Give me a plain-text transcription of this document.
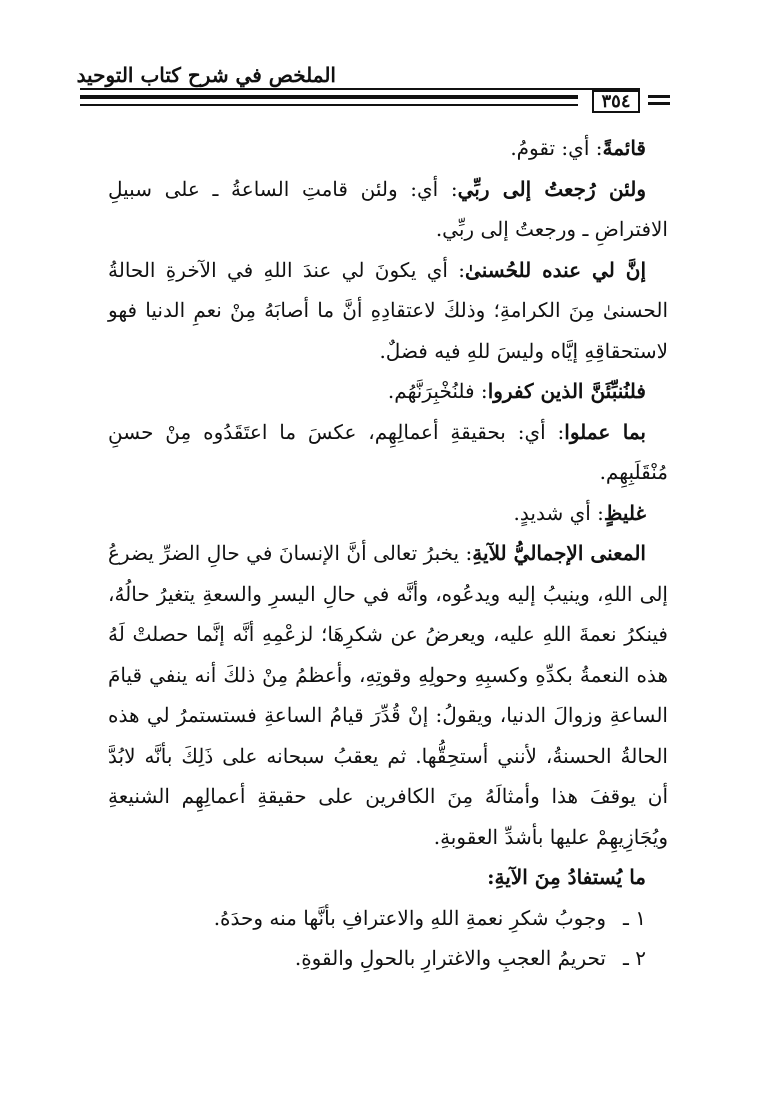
الملخص في شرح كتاب التوحيد
٣٥٤

قائمةً: أي: تقومُ.

ولئن رُجعتُ إلى ربِّي: أي: ولئن قامتِ الساعةُ ـ على سبيلِ الافتراضِ ـ ورجعتُ إلى ربِّي.

إنَّ لي عنده للحُسنىٰ: أي يكونَ لي عندَ اللهِ في الآخرةِ الحالةُ الحسنىٰ مِنَ الكرامةِ؛ وذلكَ لاعتقادِهِ أنَّ ما أصابَهُ مِنْ نعمِ الدنيا فهو لاستحقاقِهِ إيَّاه وليسَ للهِ فيه فضلٌ.

فلنُنبِّئَنَّ الذين كفروا: فلنُخْبِرَنَّهُم.

بما عملوا: أي: بحقيقةِ أعمالِهِم، عكسَ ما اعتَقَدُوه مِنْ حسنِ مُنْقَلَبِهِم.

غليظٍ: أي شديدٍ.

المعنى الإجماليُّ للآيةِ: يخبرُ تعالى أنَّ الإنسانَ في حالِ الضرِّ يضرعُ إلى اللهِ، وينيبُ إليه ويدعُوه، وأنَّه في حالِ اليسرِ والسعةِ يتغيرُ حالُهُ، فينكرُ نعمةَ اللهِ عليه، ويعرضُ عن شكرِهَا؛ لزعْمِهِ أنَّه إنَّما حصلتْ لَهُ هذه النعمةُ بكدِّهِ وكسبِهِ وحولِهِ وقوتِهِ، وأعظمُ مِنْ ذلكَ أنه ينفي قيامَ الساعةِ وزوالَ الدنيا، ويقولُ: إنْ قُدِّرَ قيامُ الساعةِ فستستمرُ لي هذه الحالةُ الحسنةُ، لأنني أستحِقُّها. ثم يعقبُ سبحانه على ذَلِكَ بأنَّه لابُدَّ أن يوقفَ هذا وأمثالَهُ مِنَ الكافرين على حقيقةِ أعمالِهِم الشنيعةِ ويُجَازِيهِمْ عليها بأشدِّ العقوبةِ.

ما يُستفادُ مِنَ الآيةِ:

١ ـ
وجوبُ شكرِ نعمةِ اللهِ والاعترافِ بأنَّها منه وحدَهُ.
٢ ـ
تحريمُ العجبِ والاغترارِ بالحولِ والقوةِ.
